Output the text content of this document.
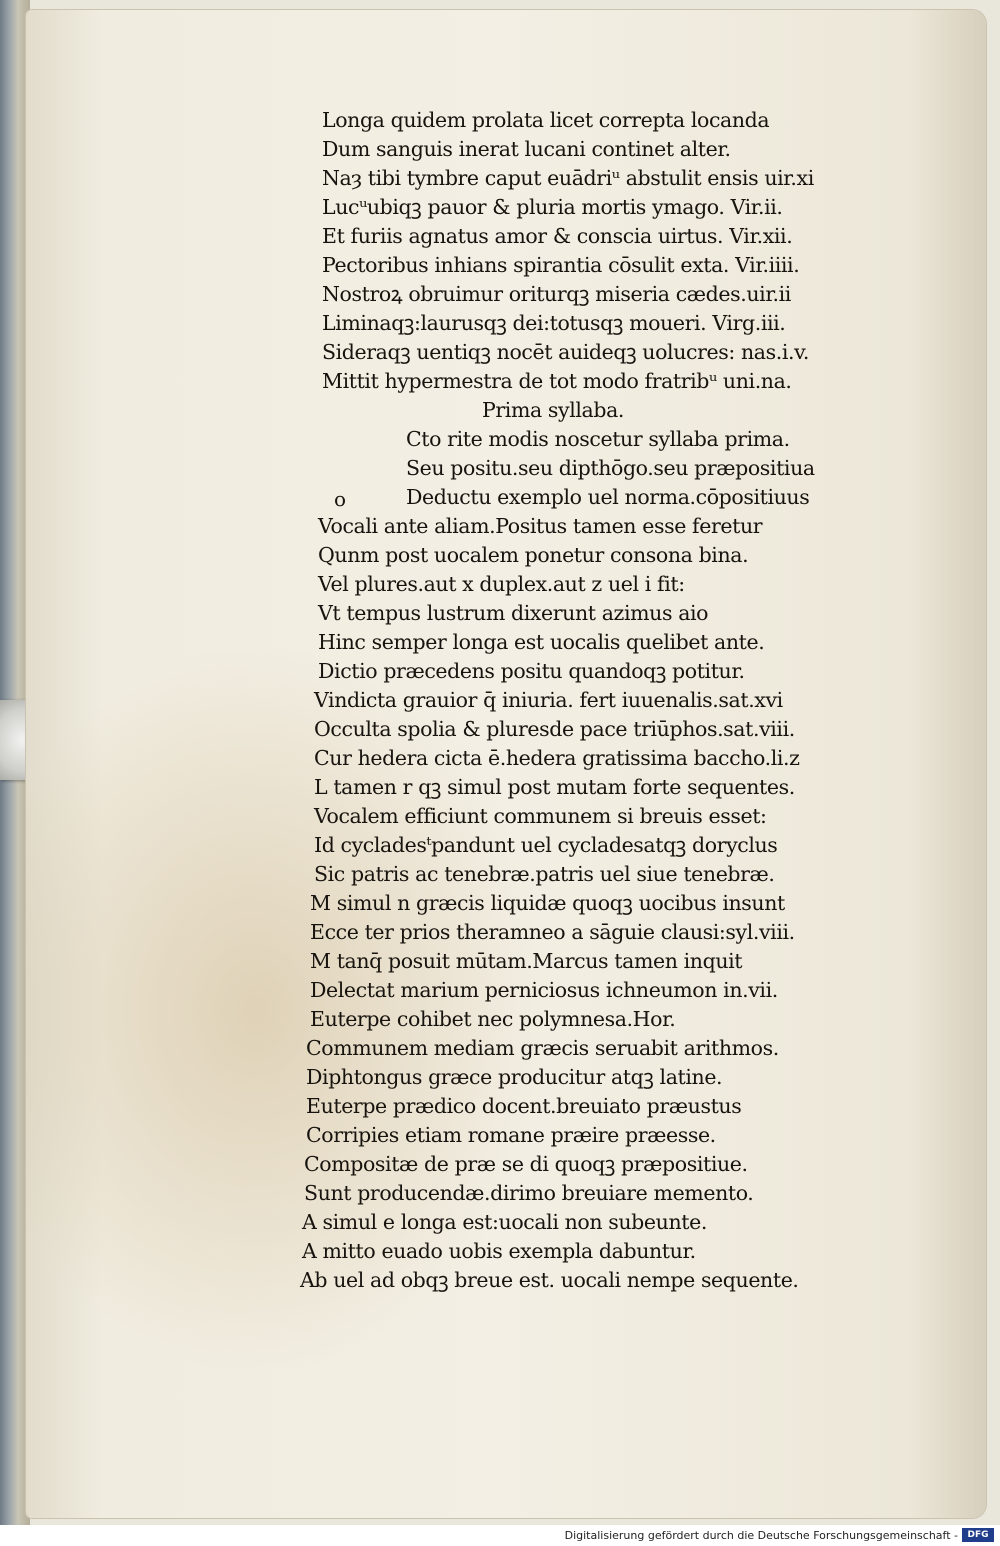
Longa quidem prolata licet correpta locanda
Dum sanguis inerat lucani continet alter.
Naȝ tibi tymbre caput euādriᵘ abstulit ensis uir.xi
Lucᵘubiqꝫ pauor & pluria mortis ymago. Vir.ii.
Et furiis agnatus amor & conscia uirtus. Vir.xii.
Pectoribus inhians spirantia cōsulit exta. Vir.iiii.
Nostroꝝ obruimur oriturqꝫ miseria cædes.uir.ii
Liminaqꝫ:laurusqꝫ dei:totusqꝫ moueri. Virg.iii.
Sideraqꝫ uentiqꝫ nocēt auideqꝫ uolucres: nas.i.v.
Mittit hypermestra de tot modo fratribᵘ uni.na.
Prima syllaba.
Cto rite modis noscetur syllaba prima.
Seu positu.seu dipthōgo.seu præpositiua
Deductu exemplo uel norma.cōpositiuus
Vocali ante aliam.Positus tamen esse feretur
Qunm post uocalem ponetur consona bina.
Vel plures.aut x duplex.aut z uel i fit:
Vt tempus lustrum dixerunt azimus aio
Hinc semper longa est uocalis quelibet ante.
Dictio præcedens positu quandoqꝫ potitur.
Vindicta grauior q̄ iniuria. fert iuuenalis.sat.xvi
Occulta spolia & pluresde pace triūphos.sat.viii.
Cur hedera cicta ē.hedera gratissima baccho.li.z
L tamen r qꝫ simul post mutam forte sequentes.
Vocalem efficiunt communem si breuis esset:
Id cycladesᵗpandunt uel cycladesatqꝫ doryclus
Sic patris ac tenebræ.patris uel siue tenebræ.
M simul n græcis liquidæ quoqꝫ uocibus insunt
Ecce ter prios theramneo a sāguie clausi:syl.viii.
M tanq̄ posuit mūtam.Marcus tamen inquit
Delectat marium perniciosus ichneumon in.vii.
Euterpe cohibet nec polymnesa.Hor.
Communem mediam græcis seruabit arithmos.
Diphtongus græce producitur atqꝫ latine.
Euterpe prædico docent.breuiato præustus
Corripies etiam romane præire præesse.
Compositæ de præ se di quoqꝫ præpositiue.
Sunt producendæ.dirimo breuiare memento.
A simul e longa est:uocali non subeunte.
A mitto euado uobis exempla dabuntur.
Ab uel ad obqꝫ breue est. uocali nempe sequente.
o
Digitalisierung gefördert durch die Deutsche Forschungsgemeinschaft -	DFG
